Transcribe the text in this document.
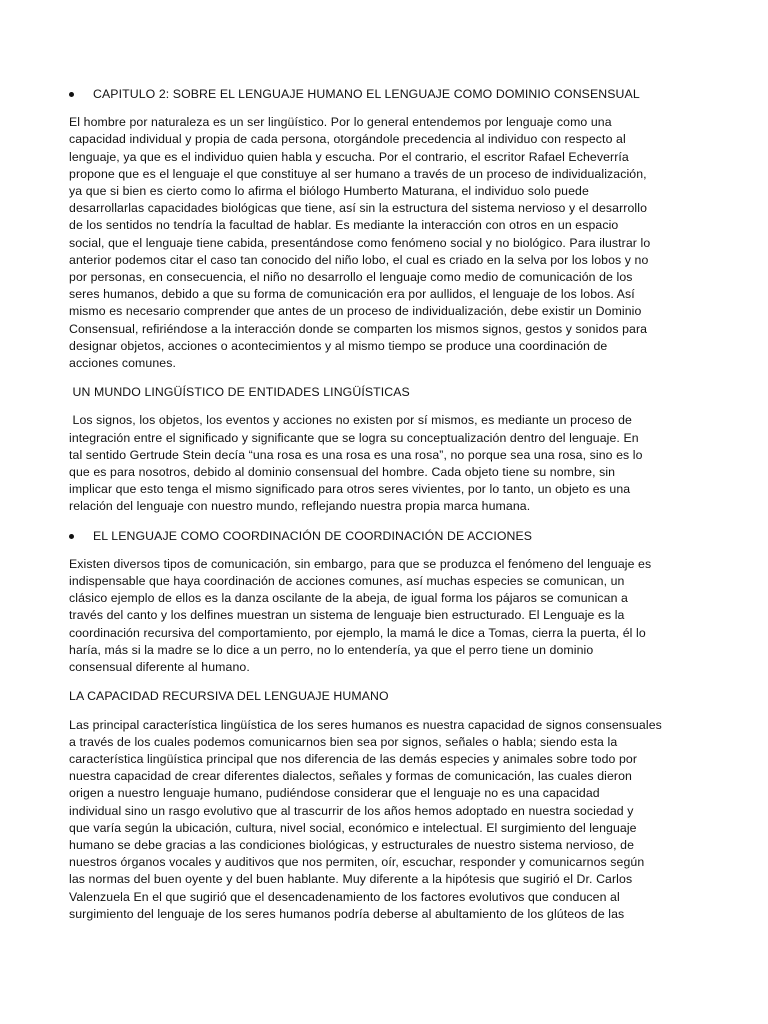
CAPITULO 2: SOBRE EL LENGUAJE HUMANO EL LENGUAJE COMO DOMINIO CONSENSUAL
El hombre por naturaleza es un ser lingüístico. Por lo general entendemos por lenguaje como una
capacidad individual y propia de cada persona, otorgándole precedencia al individuo con respecto al
lenguaje, ya que es el individuo quien habla y escucha. Por el contrario, el escritor Rafael Echeverría
propone que es el lenguaje el que constituye al ser humano a través de un proceso de individualización,
ya que si bien es cierto como lo afirma el biólogo Humberto Maturana, el individuo solo puede
desarrollarlas capacidades biológicas que tiene, así sin la estructura del sistema nervioso y el desarrollo
de los sentidos no tendría la facultad de hablar. Es mediante la interacción con otros en un espacio
social, que el lenguaje tiene cabida, presentándose como fenómeno social y no biológico. Para ilustrar lo
anterior podemos citar el caso tan conocido del niño lobo, el cual es criado en la selva por los lobos y no
por personas, en consecuencia, el niño no desarrollo el lenguaje como medio de comunicación de los
seres humanos, debido a que su forma de comunicación era por aullidos, el lenguaje de los lobos. Así
mismo es necesario comprender que antes de un proceso de individualización, debe existir un Dominio
Consensual, refiriéndose a la interacción donde se comparten los mismos signos, gestos y sonidos para
designar objetos, acciones o acontecimientos y al mismo tiempo se produce una coordinación de
acciones comunes.
UN MUNDO LINGÜÍSTICO DE ENTIDADES LINGÜÍSTICAS
Los signos, los objetos, los eventos y acciones no existen por sí mismos, es mediante un proceso de
integración entre el significado y significante que se logra su conceptualización dentro del lenguaje. En
tal sentido Gertrude Stein decía “una rosa es una rosa es una rosa”, no porque sea una rosa, sino es lo
que es para nosotros, debido al dominio consensual del hombre. Cada objeto tiene su nombre, sin
implicar que esto tenga el mismo significado para otros seres vivientes, por lo tanto, un objeto es una
relación del lenguaje con nuestro mundo, reflejando nuestra propia marca humana.
EL LENGUAJE COMO COORDINACIÓN DE COORDINACIÓN DE ACCIONES
Existen diversos tipos de comunicación, sin embargo, para que se produzca el fenómeno del lenguaje es
indispensable que haya coordinación de acciones comunes, así muchas especies se comunican, un
clásico ejemplo de ellos es la danza oscilante de la abeja, de igual forma los pájaros se comunican a
través del canto y los delfines muestran un sistema de lenguaje bien estructurado. El Lenguaje es la
coordinación recursiva del comportamiento, por ejemplo, la mamá le dice a Tomas, cierra la puerta, él lo
haría, más si la madre se lo dice a un perro, no lo entendería, ya que el perro tiene un dominio
consensual diferente al humano.
LA CAPACIDAD RECURSIVA DEL LENGUAJE HUMANO
Las principal característica lingüística de los seres humanos es nuestra capacidad de signos consensuales
a través de los cuales podemos comunicarnos bien sea por signos, señales o habla; siendo esta la
característica lingüística principal que nos diferencia de las demás especies y animales sobre todo por
nuestra capacidad de crear diferentes dialectos, señales y formas de comunicación, las cuales dieron
origen a nuestro lenguaje humano, pudiéndose considerar que el lenguaje no es una capacidad
individual sino un rasgo evolutivo que al trascurrir de los años hemos adoptado en nuestra sociedad y
que varía según la ubicación, cultura, nivel social, económico e intelectual. El surgimiento del lenguaje
humano se debe gracias a las condiciones biológicas, y estructurales de nuestro sistema nervioso, de
nuestros órganos vocales y auditivos que nos permiten, oír, escuchar, responder y comunicarnos según
las normas del buen oyente y del buen hablante. Muy diferente a la hipótesis que sugirió el Dr. Carlos
Valenzuela En el que sugirió que el desencadenamiento de los factores evolutivos que conducen al
surgimiento del lenguaje de los seres humanos podría deberse al abultamiento de los glúteos de las
